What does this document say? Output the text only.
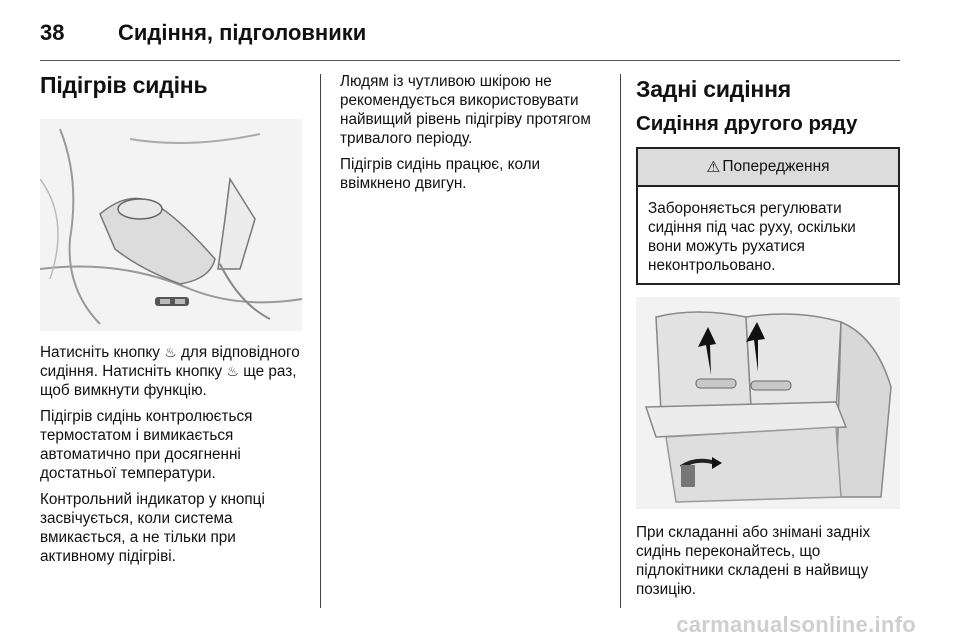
38 Сидіння, підголовники
Підігрів сидінь

Натисніть кнопку ♨ для відповідного сидіння. Натисніть кнопку ♨ ще раз, щоб вимкнути функцію.

Підігрів сидінь контролюється термостатом і вимикається автоматично при досягненні достатньої температури.

Контрольний індикатор у кнопці засвічується, коли система вмикається, а не тільки при активному підігріві.

Людям із чутливою шкірою не рекомендується використовувати найвищий рівень підігріву протягом тривалого періоду.

Підігрів сидінь працює, коли ввімкнено двигун.

Задні сидіння
Сидіння другого ряду
⚠ Попередження
Забороняється регулювати сидіння під час руху, оскільки вони можуть рухатися неконтрольовано.

При складанні або знімані задніх сидінь переконайтесь, що підлокітники складені в найвищу позицію.

carmanualsonline.info
